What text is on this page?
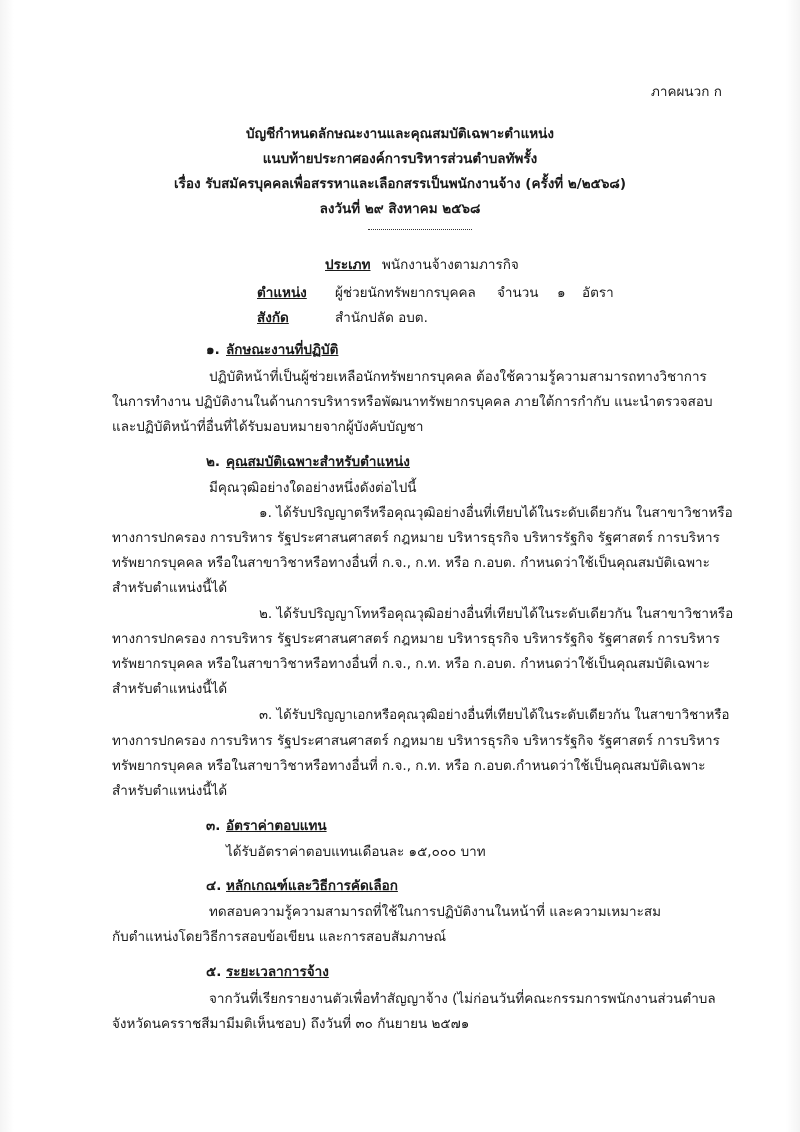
ภาคผนวก ก
บัญชีกำหนดลักษณะงานและคุณสมบัติเฉพาะตำแหน่ง
แนบท้ายประกาศองค์การบริหารส่วนตำบลทัพรั้ง
เรื่อง รับสมัครบุคคลเพื่อสรรหาและเลือกสรรเป็นพนักงานจ้าง (ครั้งที่ ๒/๒๕๖๘)
ลงวันที่ ๒๙ สิงหาคม ๒๕๖๘
ประเภท พนักงานจ้างตามภารกิจ
ตำแหน่ง ผู้ช่วยนักทรัพยากรบุคคล จำนวน ๑ อัตรา
สังกัด	สำนักปลัด อบต.
๑. ลักษณะงานที่ปฏิบัติ
ปฏิบัติหน้าที่เป็นผู้ช่วยเหลือนักทรัพยากรบุคคล ต้องใช้ความรู้ความสามารถทางวิชาการ
ในการทำงาน ปฏิบัติงานในด้านการบริหารหรือพัฒนาทรัพยากรบุคคล ภายใต้การกำกับ แนะนำตรวจสอบ
และปฏิบัติหน้าที่อื่นที่ได้รับมอบหมายจากผู้บังคับบัญชา
๒. คุณสมบัติเฉพาะสำหรับตำแหน่ง
มีคุณวุฒิอย่างใดอย่างหนึ่งดังต่อไปนี้
๑. ได้รับปริญญาตรีหรือคุณวุฒิอย่างอื่นที่เทียบได้ในระดับเดียวกัน ในสาขาวิชาหรือ
ทางการปกครอง การบริหาร รัฐประศาสนศาสตร์ กฎหมาย บริหารธุรกิจ บริหารรัฐกิจ รัฐศาสตร์ การบริหาร
ทรัพยากรบุคคล หรือในสาขาวิชาหรือทางอื่นที่ ก.จ., ก.ท. หรือ ก.อบต. กำหนดว่าใช้เป็นคุณสมบัติเฉพาะ
สำหรับตำแหน่งนี้ได้
๒. ได้รับปริญญาโทหรือคุณวุฒิอย่างอื่นที่เทียบได้ในระดับเดียวกัน ในสาขาวิชาหรือ
ทางการปกครอง การบริหาร รัฐประศาสนศาสตร์ กฎหมาย บริหารธุรกิจ บริหารรัฐกิจ รัฐศาสตร์ การบริหาร
ทรัพยากรบุคคล หรือในสาขาวิชาหรือทางอื่นที่ ก.จ., ก.ท. หรือ ก.อบต. กำหนดว่าใช้เป็นคุณสมบัติเฉพาะ
สำหรับตำแหน่งนี้ได้
๓. ได้รับปริญญาเอกหรือคุณวุฒิอย่างอื่นที่เทียบได้ในระดับเดียวกัน ในสาขาวิชาหรือ
ทางการปกครอง การบริหาร รัฐประศาสนศาสตร์ กฎหมาย บริหารธุรกิจ บริหารรัฐกิจ รัฐศาสตร์ การบริหาร
ทรัพยากรบุคคล หรือในสาขาวิชาหรือทางอื่นที่ ก.จ., ก.ท. หรือ ก.อบต.กำหนดว่าใช้เป็นคุณสมบัติเฉพาะ
สำหรับตำแหน่งนี้ได้
๓. อัตราค่าตอบแทน
ได้รับอัตราค่าตอบแทนเดือนละ ๑๕,๐๐๐ บาท
๔. หลักเกณฑ์และวิธีการคัดเลือก
ทดสอบความรู้ความสามารถที่ใช้ในการปฏิบัติงานในหน้าที่ และความเหมาะสม
กับตำแหน่งโดยวิธีการสอบข้อเขียน และการสอบสัมภาษณ์
๕. ระยะเวลาการจ้าง
จากวันที่เรียกรายงานตัวเพื่อทำสัญญาจ้าง (ไม่ก่อนวันที่คณะกรรมการพนักงานส่วนตำบล
จังหวัดนครราชสีมามีมติเห็นชอบ) ถึงวันที่ ๓๐ กันยายน ๒๕๗๑
